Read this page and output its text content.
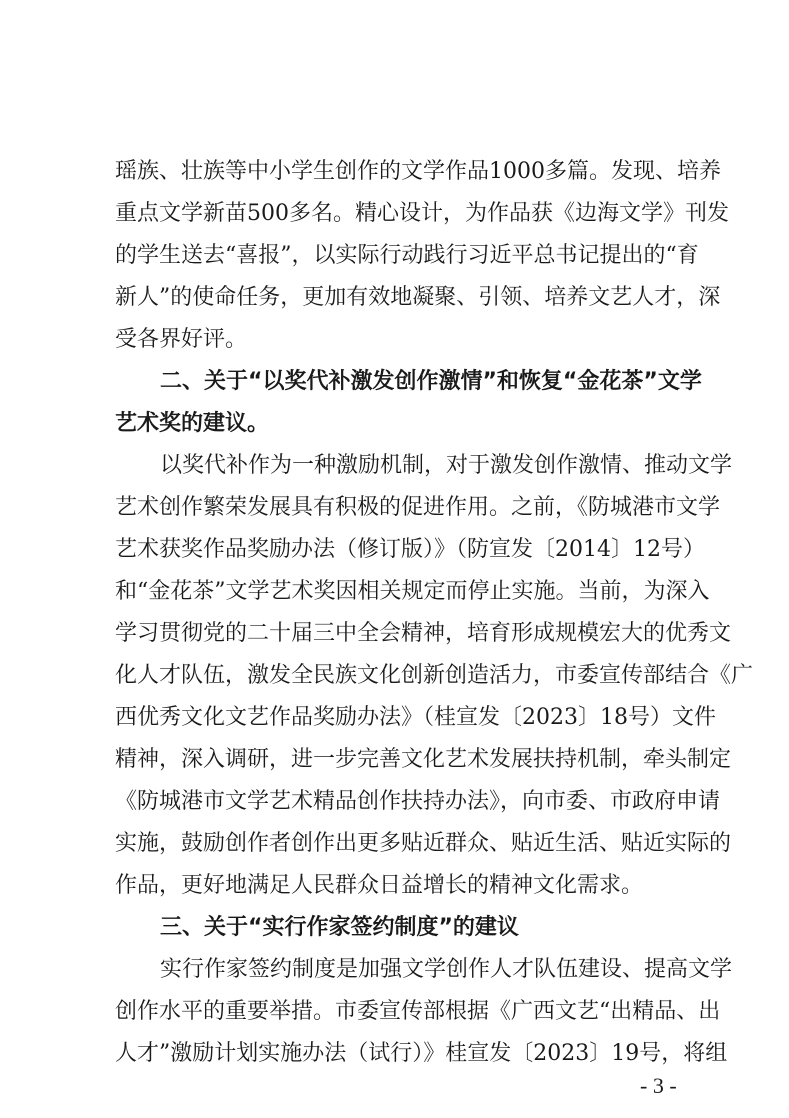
瑶族、壮族等中小学生创作的文学作品1000多篇。发现、培养
重点文学新苗500多名。精心设计，为作品获《边海文学》刊发
的学生送去“喜报”，以实际行动践行习近平总书记提出的“育
新人”的使命任务，更加有效地凝聚、引领、培养文艺人才，深
受各界好评。
二、关于“以奖代补激发创作激情”和恢复“金花茶”文学
艺术奖的建议。
以奖代补作为一种激励机制，对于激发创作激情、推动文学
艺术创作繁荣发展具有积极的促进作用。之前，《防城港市文学
艺术获奖作品奖励办法（修订版）》（防宣发〔2014〕12号）
和“金花茶”文学艺术奖因相关规定而停止实施。当前，为深入
学习贯彻党的二十届三中全会精神，培育形成规模宏大的优秀文
化人才队伍，激发全民族文化创新创造活力，市委宣传部结合《广
西优秀文化文艺作品奖励办法》（桂宣发〔2023〕18号）文件
精神，深入调研，进一步完善文化艺术发展扶持机制，牵头制定
《防城港市文学艺术精品创作扶持办法》，向市委、市政府申请
实施，鼓励创作者创作出更多贴近群众、贴近生活、贴近实际的
作品，更好地满足人民群众日益增长的精神文化需求。
三、关于“实行作家签约制度”的建议
实行作家签约制度是加强文学创作人才队伍建设、提高文学
创作水平的重要举措。市委宣传部根据《广西文艺“出精品、出
人才”激励计划实施办法（试行）》桂宣发〔2023〕19号，将组
- 3 -
